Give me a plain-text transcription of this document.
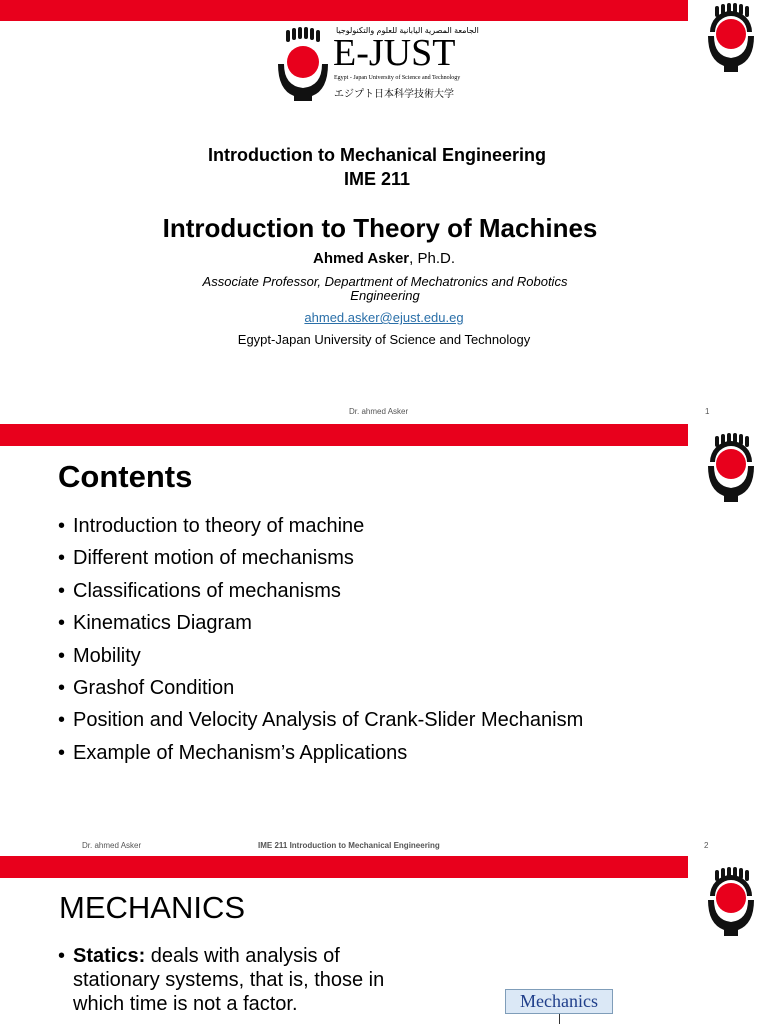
الجامعة المصرية اليابانية للعلوم والتكنولوجيا
E-JUST
Egypt - Japan University of Science and Technology
エジプト日本科学技術大学
Introduction to Mechanical Engineering
IME 211
Introduction to Theory of Machines
Ahmed Asker, Ph.D.
Associate Professor, Department of Mechatronics and Robotics Engineering
ahmed.asker@ejust.edu.eg
Egypt-Japan University of Science and Technology
Dr. ahmed Asker	1
Contents
• Introduction to theory of machine
• Different motion of mechanisms
• Classifications of mechanisms
• Kinematics Diagram
• Mobility
• Grashof Condition
• Position and Velocity Analysis of Crank-Slider Mechanism
• Example of Mechanism’s Applications
Dr. ahmed Asker	IME 211 Introduction to Mechanical Engineering	2
MECHANICS
• Statics: deals with analysis of stationary systems, that is, those in which time is not a factor.	Mechanics
